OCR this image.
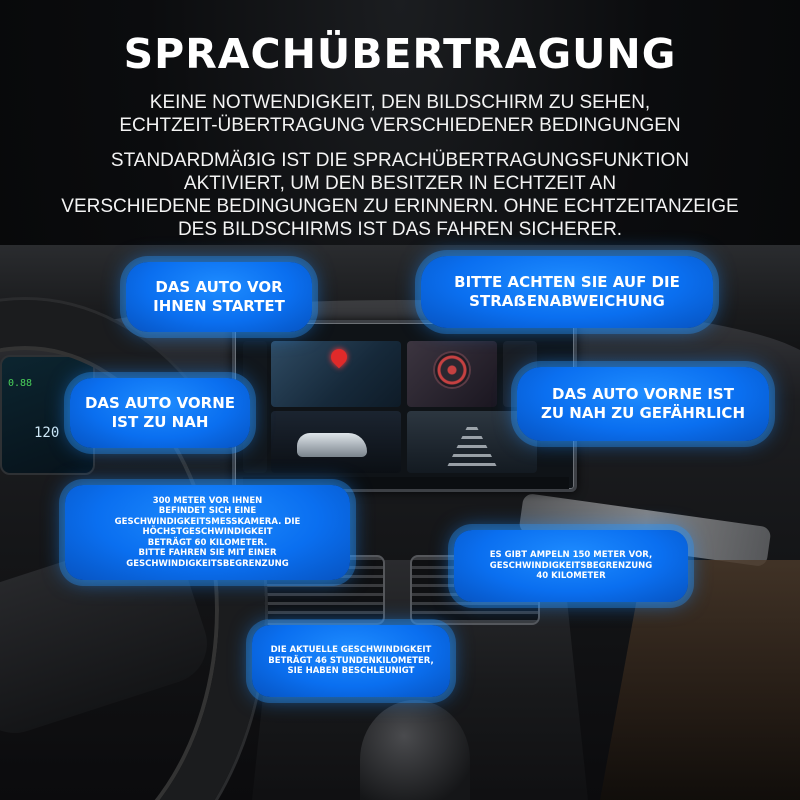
0.88
120
SPRACHÜBERTRAGUNG
KEINE NOTWENDIGKEIT, DEN BILDSCHIRM ZU SEHEN,
ECHTZEIT-ÜBERTRAGUNG VERSCHIEDENER BEDINGUNGEN
STANDARDMÄẞIG IST DIE SPRACHÜBERTRAGUNGSFUNKTION
AKTIVIERT, UM DEN BESITZER IN ECHTZEIT AN
VERSCHIEDENE BEDINGUNGEN ZU ERINNERN. OHNE ECHTZEITANZEIGE
DES BILDSCHIRMS IST DAS FAHREN SICHERER.
DAS AUTO VOR
IHNEN STARTET
BITTE ACHTEN SIE AUF DIE
STRAẞENABWEICHUNG
DAS AUTO VORNE
IST ZU NAH
DAS AUTO VORNE IST
ZU NAH ZU GEFÄHRLICH
300 METER VOR IHNEN
BEFINDET SICH EINE
GESCHWINDIGKEITSMESSKAMERA. DIE
HÖCHSTGESCHWINDIGKEIT
BETRÄGT 60 KILOMETER.
BITTE FAHREN SIE MIT EINER
GESCHWINDIGKEITSBEGRENZUNG
ES GIBT AMPELN 150 METER VOR,
GESCHWINDIGKEITSBEGRENZUNG
40 KILOMETER
DIE AKTUELLE GESCHWINDIGKEIT
BETRÄGT 46 STUNDENKILOMETER,
SIE HABEN BESCHLEUNIGT
